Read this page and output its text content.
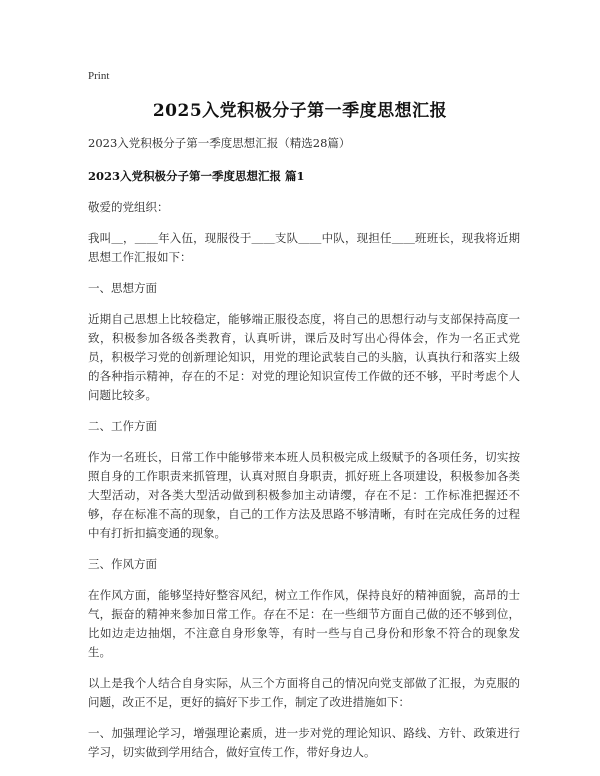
Print
2025入党积极分子第一季度思想汇报

2023入党积极分子第一季度思想汇报（精选28篇）

2023入党积极分子第一季度思想汇报 篇1

敬爱的党组织：

我叫＿，＿＿年入伍，现服役于＿＿支队＿＿中队，现担任＿＿班班长，现我将近期思想工作汇报如下：

一、思想方面

近期自己思想上比较稳定，能够端正服役态度，将自己的思想行动与支部保持高度一致，积极参加各级各类教育，认真听讲，课后及时写出心得体会，作为一名正式党员，积极学习党的创新理论知识，用党的理论武装自己的头脑，认真执行和落实上级的各种指示精神，存在的不足：对党的理论知识宣传工作做的还不够，平时考虑个人问题比较多。

二、工作方面

作为一名班长，日常工作中能够带来本班人员积极完成上级赋予的各项任务，切实按照自身的工作职责来抓管理，认真对照自身职责，抓好班上各项建设，积极参加各类大型活动，对各类大型活动做到积极参加主动请缨，存在不足：工作标准把握还不够，存在标准不高的现象，自己的工作方法及思路不够清晰，有时在完成任务的过程中有打折扣搞变通的现象。

三、作风方面

在作风方面，能够坚持好整容风纪，树立工作作风，保持良好的精神面貌，高昂的士气，振奋的精神来参加日常工作。存在不足：在一些细节方面自己做的还不够到位，比如边走边抽烟，不注意自身形象等，有时一些与自己身份和形象不符合的现象发生。

以上是我个人结合自身实际，从三个方面将自己的情况向党支部做了汇报，为克服的问题，改正不足，更好的搞好下步工作，制定了改进措施如下：

一、加强理论学习，增强理论素质，进一步对党的理论知识、路线、方针、政策进行学习，切实做到学用结合，做好宣传工作，带好身边人。
